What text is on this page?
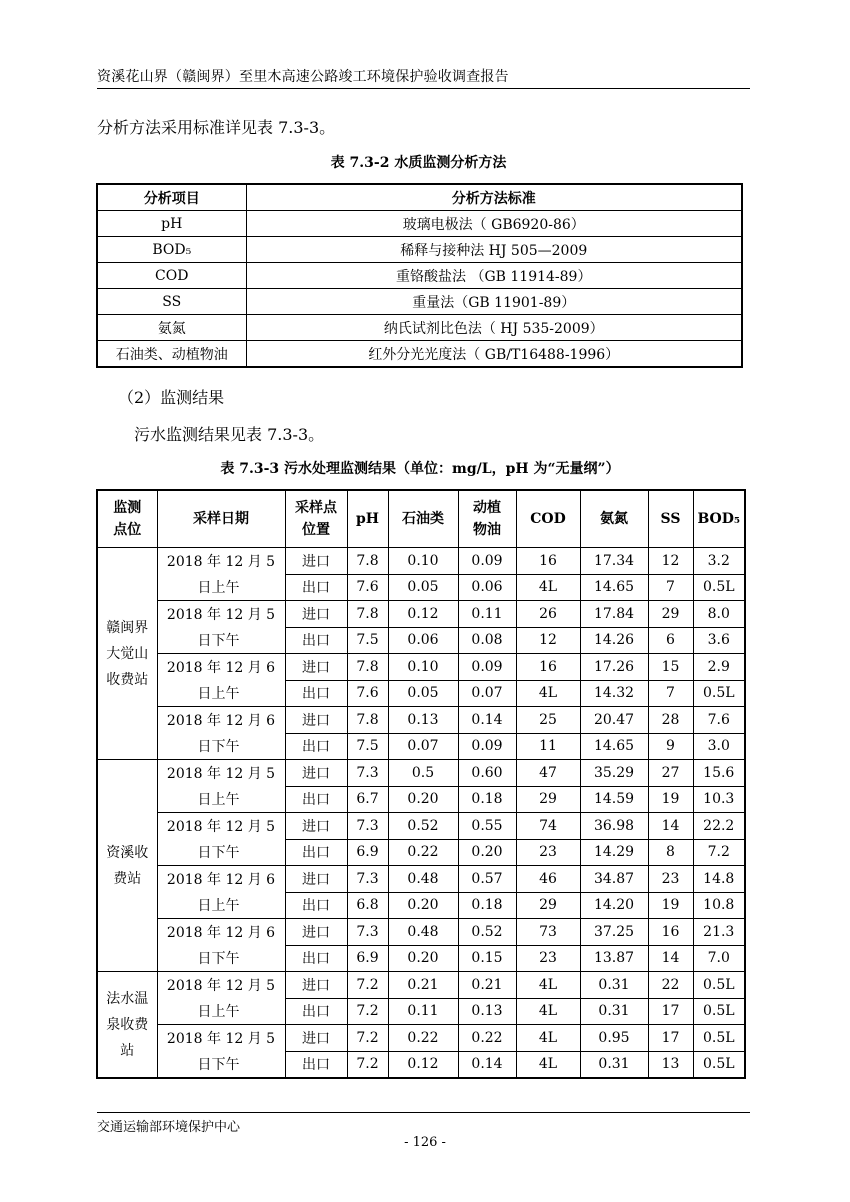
资溪花山界（赣闽界）至里木高速公路竣工环境保护验收调查报告
分析方法采用标准详见表 7.3-3。
表 7.3-2 水质监测分析方法
分析项目	分析方法标准
pH	玻璃电极法（ GB6920-86）
BOD₅	稀释与接种法 HJ 505—2009
COD	重铬酸盐法 （GB 11914-89）
SS	重量法（GB 11901-89）
氨氮	纳氏试剂比色法（ HJ 535-2009）
石油类、动植物油	红外分光光度法（ GB/T16488-1996）
（2）监测结果
污水监测结果见表 7.3-3。
表 7.3-3 污水处理监测结果（单位：mg/L，pH 为“无量纲”）
监测点位	采样日期	采样点位置	pH	石油类	动植物油	COD	氨氮	SS	BOD₅
赣闽界大觉山收费站	2018 年 12 月 5	进口	7.8	0.10	0.09	16	17.34	12	3.2
	日上午	出口	7.6	0.05	0.06	4L	14.65	7	0.5L
	2018 年 12 月 5	进口	7.8	0.12	0.11	26	17.84	29	8.0
	日下午	出口	7.5	0.06	0.08	12	14.26	6	3.6
	2018 年 12 月 6	进口	7.8	0.10	0.09	16	17.26	15	2.9
	日上午	出口	7.6	0.05	0.07	4L	14.32	7	0.5L
	2018 年 12 月 6	进口	7.8	0.13	0.14	25	20.47	28	7.6
	日下午	出口	7.5	0.07	0.09	11	14.65	9	3.0
资溪收费站	2018 年 12 月 5	进口	7.3	0.5	0.60	47	35.29	27	15.6
	日上午	出口	6.7	0.20	0.18	29	14.59	19	10.3
	2018 年 12 月 5	进口	7.3	0.52	0.55	74	36.98	14	22.2
	日下午	出口	6.9	0.22	0.20	23	14.29	8	7.2
	2018 年 12 月 6	进口	7.3	0.48	0.57	46	34.87	23	14.8
	日上午	出口	6.8	0.20	0.18	29	14.20	19	10.8
	2018 年 12 月 6	进口	7.3	0.48	0.52	73	37.25	16	21.3
	日下午	出口	6.9	0.20	0.15	23	13.87	14	7.0
法水温泉收费站	2018 年 12 月 5	进口	7.2	0.21	0.21	4L	0.31	22	0.5L
	日上午	出口	7.2	0.11	0.13	4L	0.31	17	0.5L
	2018 年 12 月 5	进口	7.2	0.22	0.22	4L	0.95	17	0.5L
	日下午	出口	7.2	0.12	0.14	4L	0.31	13	0.5L
交通运输部环境保护中心
- 126 -
